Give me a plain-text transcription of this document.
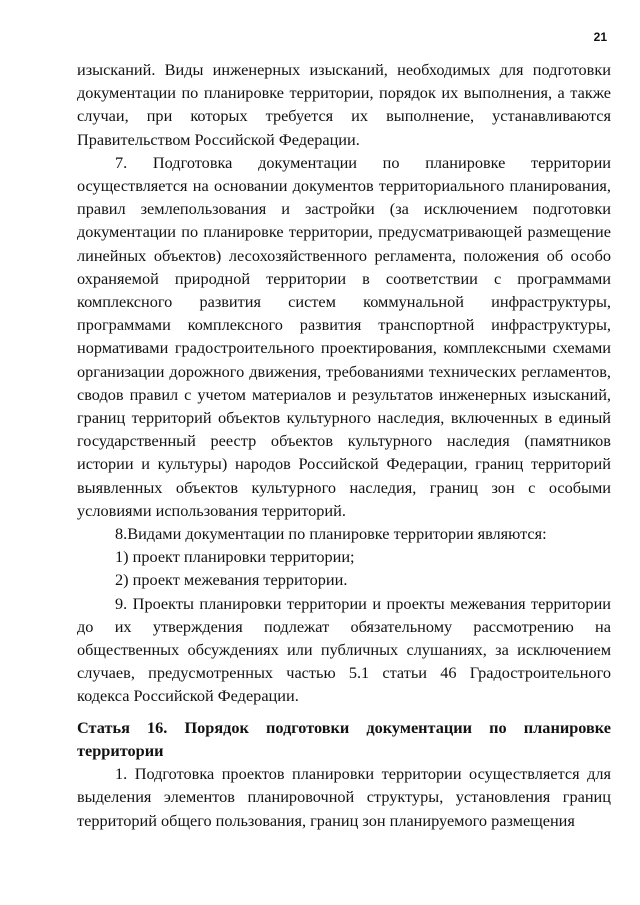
21

изысканий. Виды инженерных изысканий, необходимых для подготовки документации по планировке территории, порядок их выполнения, а также случаи, при которых требуется их выполнение, устанавливаются Правительством Российской Федерации.

7. Подготовка документации по планировке территории осуществляется на основании документов территориального планирования, правил землепользования и застройки (за исключением подготовки документации по планировке территории, предусматривающей размещение линейных объектов) лесохозяйственного регламента, положения об особо охраняемой природной территории в соответствии с программами комплексного развития систем коммунальной инфраструктуры, программами комплексного развития транспортной инфраструктуры, нормативами градостроительного проектирования, комплексными схемами организации дорожного движения, требованиями технических регламентов, сводов правил с учетом материалов и результатов инженерных изысканий, границ территорий объектов культурного наследия, включенных в единый государственный реестр объектов культурного наследия (памятников истории и культуры) народов Российской Федерации, границ территорий выявленных объектов культурного наследия, границ зон с особыми условиями использования территорий.

8.Видами документации по планировке территории являются:

1) проект планировки территории;

2) проект межевания территории.

9. Проекты планировки территории и проекты межевания территории до их утверждения подлежат обязательному рассмотрению на общественных обсуждениях или публичных слушаниях, за исключением случаев, предусмотренных частью 5.1 статьи 46 Градостроительного кодекса Российской Федерации.

Статья 16. Порядок подготовки документации по планировке территории

1. Подготовка проектов планировки территории осуществляется для выделения элементов планировочной структуры, установления границ территорий общего пользования, границ зон планируемого размещения
